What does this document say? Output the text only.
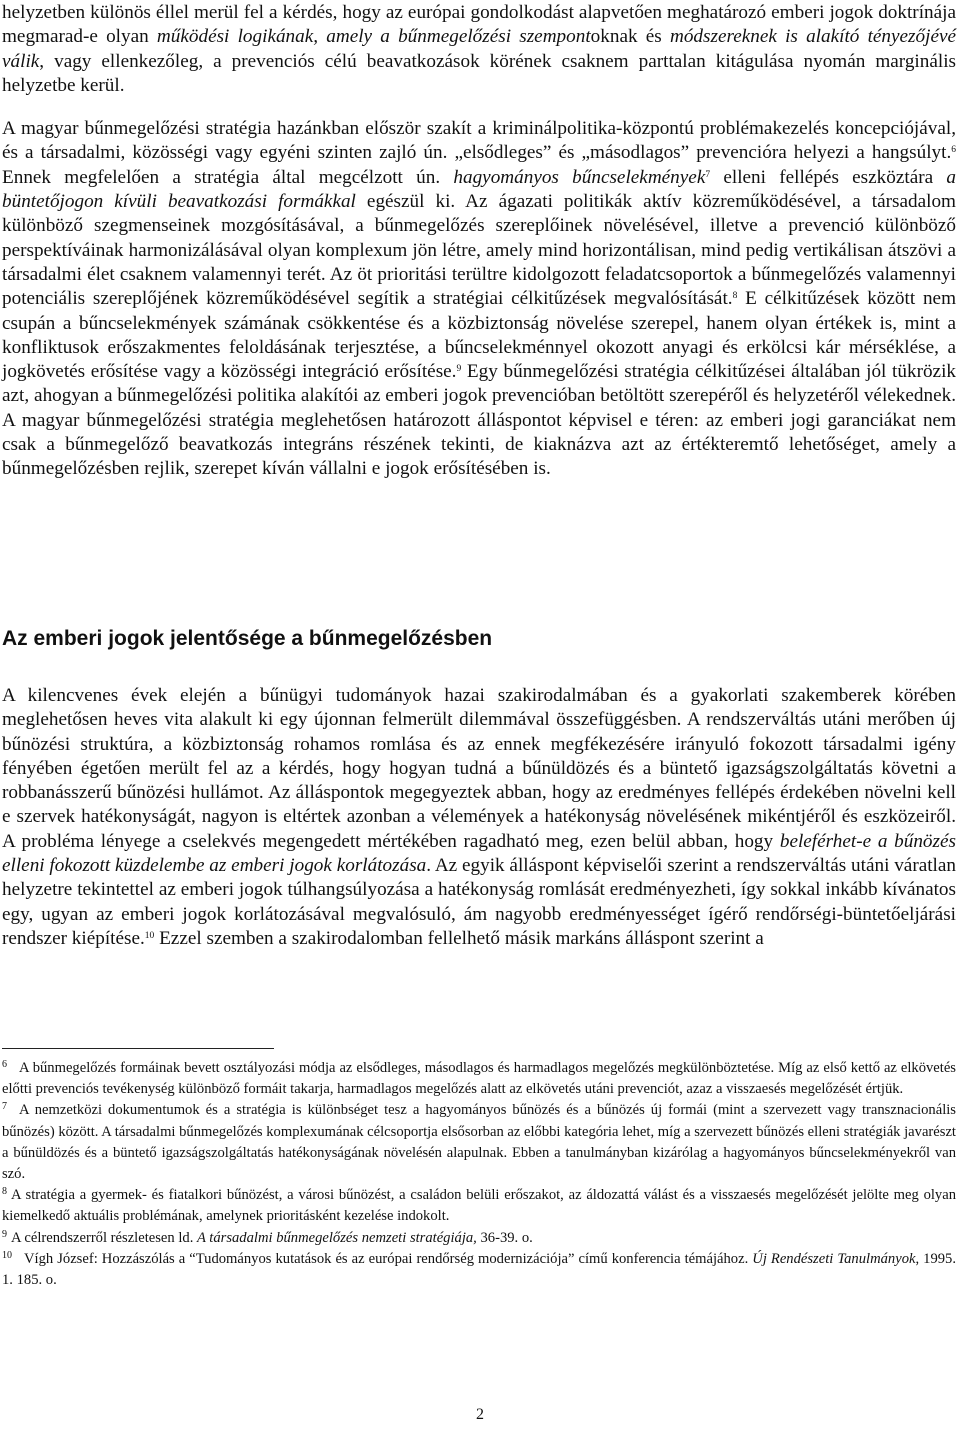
helyzetben különös éllel merül fel a kérdés, hogy az európai gondolkodást alapvetően meghatározó emberi jogok doktrínája megmarad-e olyan működési logikának, amely a bűnmegelőzési szempontoknak és módszereknek is alakító tényezőjévé válik, vagy ellenkezőleg, a prevenciós célú beavatkozások körének csaknem parttalan kitágulása nyomán marginális helyzetbe kerül.

A magyar bűnmegelőzési stratégia hazánkban először szakít a kriminálpolitika-központú problémakezelés koncepciójával, és a társadalmi, közösségi vagy egyéni szinten zajló ún. „elsődleges” és „másodlagos” prevencióra helyezi a hangsúlyt.$^6$ Ennek megfelelően a stratégia által megcélzott ún. hagyományos bűncselekmények$^7$ elleni fellépés eszköztára a büntetőjogon kívüli beavatkozási formákkal egészül ki. Az ágazati politikák aktív közreműködésével, a társadalom különböző szegmenseinek mozgósításával, a bűnmegelőzés szereplőinek növelésével, illetve a prevenció különböző perspektíváinak harmonizálásával olyan komplexum jön létre, amely mind horizontálisan, mind pedig vertikálisan átszövi a társadalmi élet csaknem valamennyi terét. Az öt prioritási terültre kidolgozott feladatcsoportok a bűnmegelőzés valamennyi potenciális szereplőjének közreműködésével segítik a stratégiai célkitűzések megvalósítását.$^8$ E célkitűzések között nem csupán a bűncselekmények számának csökkentése és a közbiztonság növelése szerepel, hanem olyan értékek is, mint a konfliktusok erőszakmentes feloldásának terjesztése, a bűncselekménnyel okozott anyagi és erkölcsi kár mérséklése, a jogkövetés erősítése vagy a közösségi integráció erősítése.$^9$ Egy bűnmegelőzési stratégia célkitűzései általában jól tükrözik azt, ahogyan a bűnmegelőzési politika alakítói az emberi jogok prevencióban betöltött szerepéről és helyzetéről vélekednek. A magyar bűnmegelőzési stratégia meglehetősen határozott álláspontot képvisel e téren: az emberi jogi garanciákat nem csak a bűnmegelőző beavatkozás integráns részének tekinti, de kiaknázva azt az értékteremtő lehetőséget, amely a bűnmegelőzésben rejlik, szerepet kíván vállalni e jogok erősítésében is.

Az emberi jogok jelentősége a bűnmegelőzésben

A kilencvenes évek elején a bűnügyi tudományok hazai szakirodalmában és a gyakorlati szakemberek körében meglehetősen heves vita alakult ki egy újonnan felmerült dilemmával összefüggésben. A rendszerváltás utáni merőben új bűnözési struktúra, a közbiztonság rohamos romlása és az ennek megfékezésére irányuló fokozott társadalmi igény fényében égetően merült fel az a kérdés, hogy hogyan tudná a bűnüldözés és a büntető igazságszolgáltatás követni a robbanásszerű bűnözési hullámot. Az álláspontok megegyeztek abban, hogy az eredményes fellépés érdekében növelni kell e szervek hatékonyságát, nagyon is eltértek azonban a vélemények a hatékonyság növelésének mikéntjéről és eszközeiről. A probléma lényege a cselekvés megengedett mértékében ragadható meg, ezen belül abban, hogy beleférhet-e a bűnözés elleni fokozott küzdelembe az emberi jogok korlátozása. Az egyik álláspont képviselői szerint a rendszerváltás utáni váratlan helyzetre tekintettel az emberi jogok túlhangsúlyozása a hatékonyság romlását eredményezheti, így sokkal inkább kívánatos egy, ugyan az emberi jogok korlátozásával megvalósuló, ám nagyobb eredményességet ígérő rendőrségi-büntetőeljárási rendszer kiépítése.$^{10}$ Ezzel szemben a szakirodalomban fellelhető másik markáns álláspont szerint a

$^6$ A bűnmegelőzés formáinak bevett osztályozási módja az elsődleges, másodlagos és harmadlagos megelőzés megkülönböztetése. Míg az első kettő az elkövetés előtti prevenciós tevékenység különböző formáit takarja, harmadlagos megelőzés alatt az elkövetés utáni prevenciót, azaz a visszaesés megelőzését értjük.

$^7$ A nemzetközi dokumentumok és a stratégia is különbséget tesz a hagyományos bűnözés és a bűnözés új formái (mint a szervezett vagy transznacionális bűnözés) között. A társadalmi bűnmegelőzés komplexumának célcsoportja elsősorban az előbbi kategória lehet, míg a szervezett bűnözés elleni stratégiák javarészt a bűnüldözés és a büntető igazságszolgáltatás hatékonyságának növelésén alapulnak. Ebben a tanulmányban kizárólag a hagyományos bűncselekményekről van szó.

$^8$ A stratégia a gyermek- és fiatalkori bűnözést, a városi bűnözést, a családon belüli erőszakot, az áldozattá válást és a visszaesés megelőzését jelölte meg olyan kiemelkedő aktuális problémának, amelynek prioritásként kezelése indokolt.

$^9$ A célrendszerről részletesen ld. A társadalmi bűnmegelőzés nemzeti stratégiája, 36-39. o.

$^{10}$ Vígh József: Hozzászólás a “Tudományos kutatások és az európai rendőrség modernizációja” című konferencia témájához. Új Rendészeti Tanulmányok, 1995. 1. 185. o.

2
